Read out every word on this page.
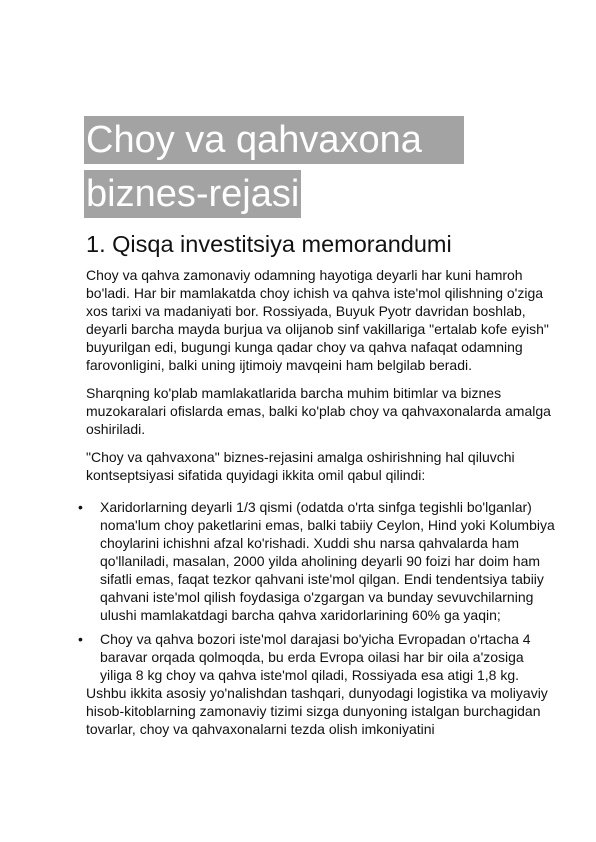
Choy va qahvaxona
biznes-rejasi
1. Qisqa investitsiya memorandumi

Choy va qahva zamonaviy odamning hayotiga deyarli har kuni hamroh bo'ladi. Har bir mamlakatda choy ichish va qahva iste'mol qilishning o'ziga xos tarixi va madaniyati bor. Rossiyada, Buyuk Pyotr davridan boshlab, deyarli barcha mayda burjua va olijanob sinf vakillariga "ertalab kofe eyish" buyurilgan edi, bugungi kunga qadar choy va qahva nafaqat odamning farovonligini, balki uning ijtimoiy mavqeini ham belgilab beradi.

Sharqning ko'plab mamlakatlarida barcha muhim bitimlar va biznes muzokaralari ofislarda emas, balki ko'plab choy va qahvaxonalarda amalga oshiriladi.

"Choy va qahvaxona" biznes-rejasini amalga oshirishning hal qiluvchi kontseptsiyasi sifatida quyidagi ikkita omil qabul qilindi:

• Xaridorlarning deyarli 1/3 qismi (odatda o'rta sinfga tegishli bo'lganlar) noma'lum choy paketlarini emas, balki tabiiy Ceylon, Hind yoki Kolumbiya choylarini ichishni afzal ko'rishadi. Xuddi shu narsa qahvalarda ham qo'llaniladi, masalan, 2000 yilda aholining deyarli 90 foizi har doim ham sifatli emas, faqat tezkor qahvani iste'mol qilgan. Endi tendentsiya tabiiy qahvani iste'mol qilish foydasiga o'zgargan va bunday sevuvchilarning ulushi mamlakatdagi barcha qahva xaridorlarining 60% ga yaqin;
• Choy va qahva bozori iste'mol darajasi bo'yicha Evropadan o'rtacha 4 baravar orqada qolmoqda, bu erda Evropa oilasi har bir oila a'zosiga yiliga 8 kg choy va qahva iste'mol qiladi, Rossiyada esa atigi 1,8 kg.

Ushbu ikkita asosiy yo'nalishdan tashqari, dunyodagi logistika va moliyaviy hisob-kitoblarning zamonaviy tizimi sizga dunyoning istalgan burchagidan tovarlar, choy va qahvaxonalarni tezda olish imkoniyatini
